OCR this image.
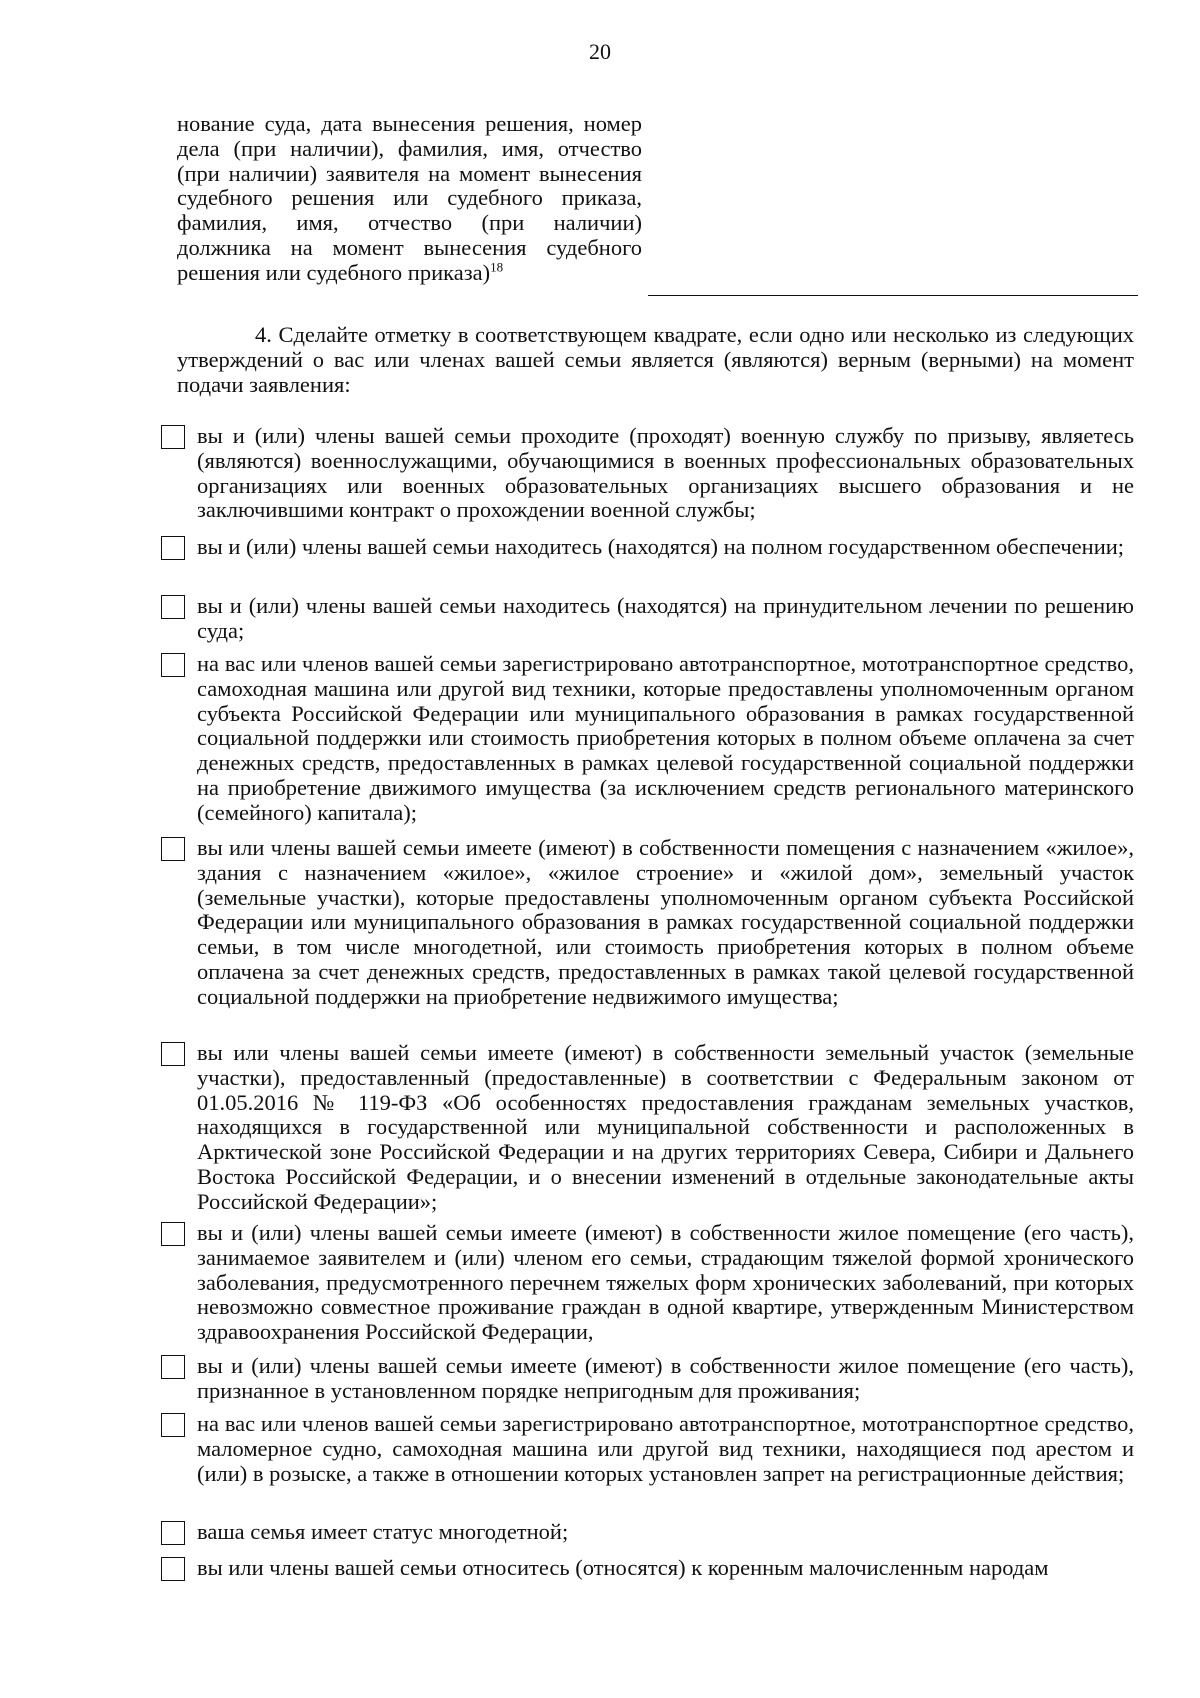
20
нование суда, дата вынесения решения, номер дела (при наличии), фамилия, имя, отчество (при наличии) заявителя на момент вынесения судебного решения или судебного приказа, фамилия, имя, отчество (при наличии) должника на момент вынесения судебного решения или судебного приказа)$^{18}$
4. Сделайте отметку в соответствующем квадрате, если одно или несколько из следующих утверждений о вас или членах вашей семьи является (являются) верным (верными) на момент подачи заявления:
вы и (или) члены вашей семьи проходите (проходят) военную службу по призыву, являетесь (являются) военнослужащими, обучающимися в военных профессиональных образовательных организациях или военных образовательных организациях высшего образования и не заключившими контракт о прохождении военной службы;
вы и (или) члены вашей семьи находитесь (находятся) на полном государственном обеспечении;
вы и (или) члены вашей семьи находитесь (находятся) на принудительном лечении по решению суда;
на вас или членов вашей семьи зарегистрировано автотранспортное, мототранспортное средство, самоходная машина или другой вид техники, которые предоставлены уполномоченным органом субъекта Российской Федерации или муниципального образования в рамках государственной социальной поддержки или стоимость приобретения которых в полном объеме оплачена за счет денежных средств, предоставленных в рамках целевой государственной социальной поддержки на приобретение движимого имущества (за исключением средств регионального материнского (семейного) капитала);
вы или члены вашей семьи имеете (имеют) в собственности помещения с назначением «жилое», здания с назначением «жилое», «жилое строение» и «жилой дом», земельный участок (земельные участки), которые предоставлены уполномоченным органом субъекта Российской Федерации или муниципального образования в рамках государственной социальной поддержки семьи, в том числе многодетной, или стоимость приобретения которых в полном объеме оплачена за счет денежных средств, предоставленных в рамках такой целевой государственной социальной поддержки на приобретение недвижимого имущества;
вы или члены вашей семьи имеете (имеют) в собственности земельный участок (земельные участки), предоставленный (предоставленные) в соответствии с Федеральным законом от 01.05.2016 № 119-ФЗ «Об особенностях предоставления гражданам земельных участков, находящихся в государственной или муниципальной собственности и расположенных в Арктической зоне Российской Федерации и на других территориях Севера, Сибири и Дальнего Востока Российской Федерации, и о внесении изменений в отдельные законодательные акты Российской Федерации»;
вы и (или) члены вашей семьи имеете (имеют) в собственности жилое помещение (его часть), занимаемое заявителем и (или) членом его семьи, страдающим тяжелой формой хронического заболевания, предусмотренного перечнем тяжелых форм хронических заболеваний, при которых невозможно совместное проживание граждан в одной квартире, утвержденным Министерством здравоохранения Российской Федерации,
вы и (или) члены вашей семьи имеете (имеют) в собственности жилое помещение (его часть), признанное в установленном порядке непригодным для проживания;
на вас или членов вашей семьи зарегистрировано автотранспортное, мототранспортное средство, маломерное судно, самоходная машина или другой вид техники, находящиеся под арестом и (или) в розыске, а также в отношении которых установлен запрет на регистрационные действия;
ваша семья имеет статус многодетной;
вы или члены вашей семьи относитесь (относятся) к коренным малочисленным народам
